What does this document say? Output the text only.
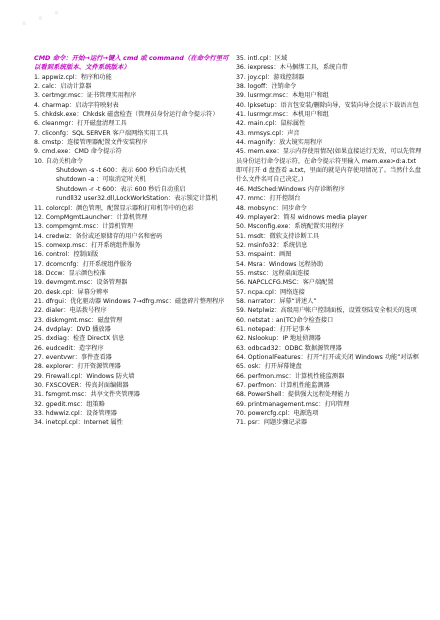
· · ·

CMD 命令：开始→运行→键入 cmd 或 command（在命令行里可以看到系统版本、文件系统版本）

1. appwiz.cpl：程序和功能

2. calc：启动计算器

3. certmgr.msc：证书管理实用程序

4. charmap：启动字符映射表

5. chkdsk.exe：Chkdsk 磁盘检查（管理员身份运行命令提示符）

6. cleanmgr：打开磁盘清理工具

7. cliconfg：SQL SERVER 客户端网络实用工具

8. cmstp：连接管理器配置文件安装程序

9. cmd.exe：CMD 命令提示符

10. 自动关机命令

Shutdown -s -t 600：表示 600 秒后自动关机

shutdown -a ：可取消定时关机

Shutdown -r -t 600：表示 600 秒后自动重启

rundll32 user32.dll,LockWorkStation：表示锁定计算机

11. colorcpl：颜色管理，配置显示器和打印机等中的色彩

12. CompMgmtLauncher：计算机管理

13. compmgmt.msc：计算机管理

14. credwiz：备份或还原储存的用户名和密码

15. comexp.msc：打开系统组件服务

16. control：控制面版

17. dcomcnfg：打开系统组件服务

18. Dccw：显示颜色校准

19. devmgmt.msc：设备管理器

20. desk.cpl：屏幕分辨率

21. dfrgui：优化驱动器 Windows 7→dfrg.msc：磁盘碎片整理程序

22. dialer：电话拨号程序

23. diskmgmt.msc：磁盘管理

24. dvdplay：DVD 播放器

25. dxdiag：检查 DirectX 信息

26. eudcedit：造字程序

27. eventvwr：事件查看器

28. explorer：打开资源管理器

29. Firewall.cpl：Windows 防火墙

30. FXSCOVER：传真封面编辑器

31. fsmgmt.msc：共享文件夹管理器

32. gpedit.msc：组策略

33. hdwwiz.cpl：设备管理器

34. inetcpl.cpl：Internet 属性

35. intl.cpl：区域

36. iexpress：木马捆绑工具，系统自带

37. joy.cpl：游戏控制器

38. logoff：注销命令

39. lusrmgr.msc：本地用户和组

40. lpksetup：语言包安装/删除向导，安装向导会提示下载语言包

41. lusrmgr.msc：本机用户和组

42. main.cpl：鼠标属性

43. mmsys.cpl：声音

44. magnify：放大镜实用程序

45. mem.exe：显示内存使用情况(如果直接运行无效，可以先管理员身份运行命令提示符，在命令提示符里输入 mem.exe>d:a.txt 即可打开 d 盘查看 a.txt，里面的就是内存使用情况了。当然什么盘什么文件名可自己决定。)

46. MdSched:Windows 内存诊断程序

47. mmc：打开控制台

48. mobsync：同步命令

49. mplayer2：简易 widnows media player

50. Msconfig.exe：系统配置实用程序

51. msdt：微软支持诊断工具

52. msinfo32：系统信息

53. mspaint：画图

54. Msra：Windows 远程协助

55. mstsc：远程桌面连接

56. NAPCLCFG.MSC：客户端配置

57. ncpa.cpl：网络连接

58. narrator：屏幕“讲述人”

59. Netplwiz：高级用户帐户控制面板，设置登陆安全相关的选项

60. netstat : an(TC)命令检查接口

61. notepad：打开记事本

62. Nslookup：IP 地址侦测器

63. odbcad32：ODBC 数据源管理器

64. OptionalFeatures：打开“打开或关闭 Windows 功能”对话框

65. osk：打开屏幕键盘

66. perfmon.msc：计算机性能监测器

67. perfmon：计算机性能监测器

68. PowerShell：提供强大远程处理能力

69. printmanagement.msc：打印管理

70. powercfg.cpl：电源选项

71. psr：问题步骤记录器
